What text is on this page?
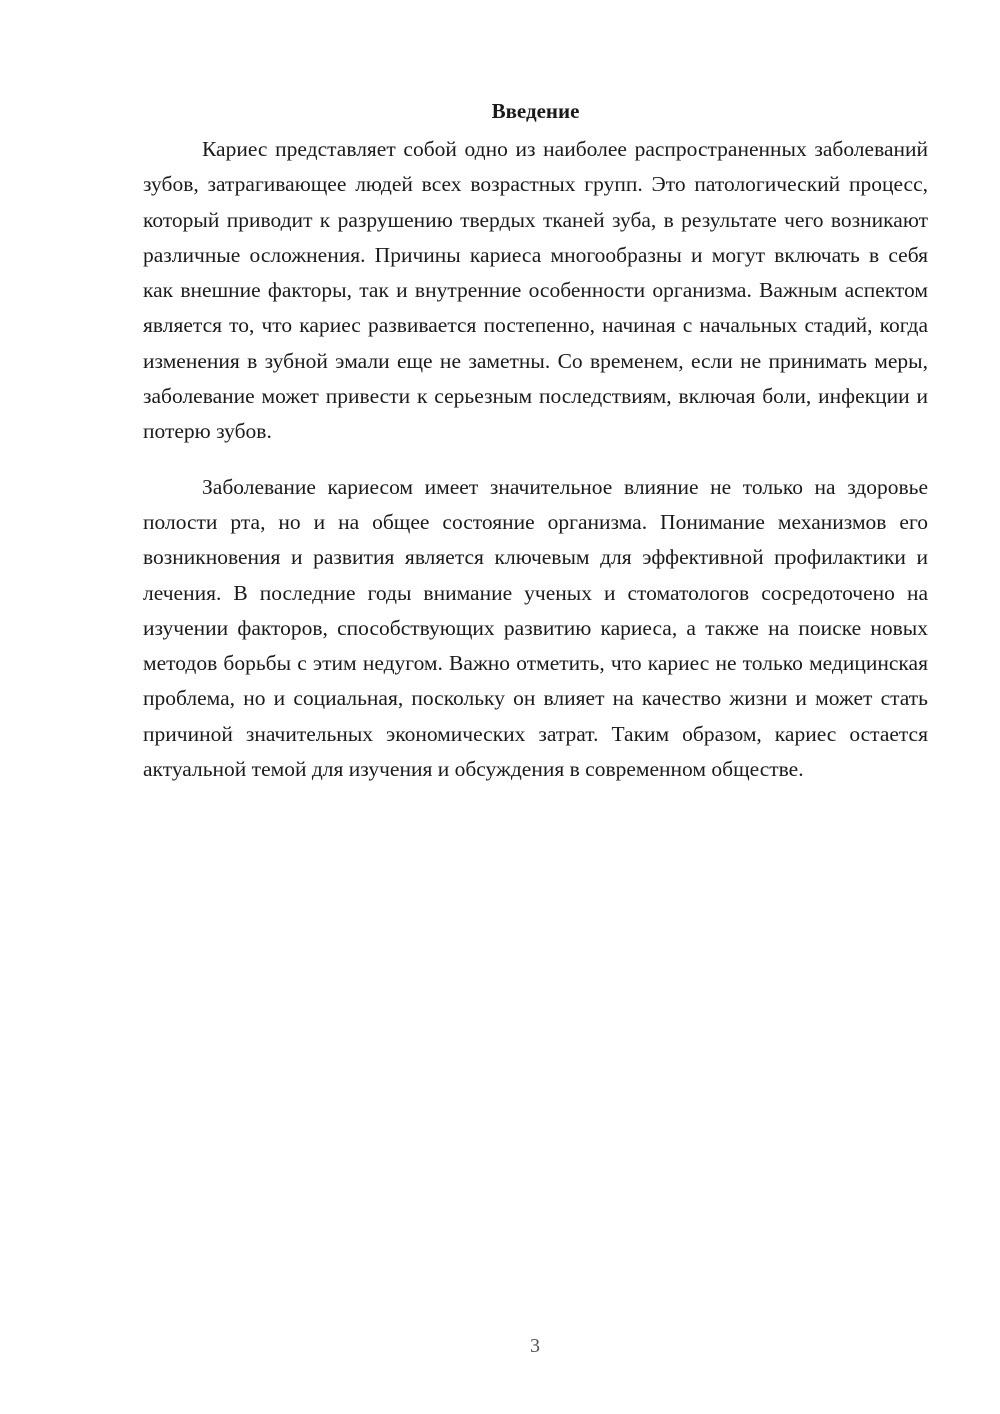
Введение

Кариес представляет собой одно из наиболее распространенных заболеваний зубов, затрагивающее людей всех возрастных групп. Это патологический процесс, который приводит к разрушению твердых тканей зуба, в результате чего возникают различные осложнения. Причины кариеса многообразны и могут включать в себя как внешние факторы, так и внутренние особенности организма. Важным аспектом является то, что кариес развивается постепенно, начиная с начальных стадий, когда изменения в зубной эмали еще не заметны. Со временем, если не принимать меры, заболевание может привести к серьезным последствиям, включая боли, инфекции и потерю зубов.

Заболевание кариесом имеет значительное влияние не только на здоровье полости рта, но и на общее состояние организма. Понимание механизмов его возникновения и развития является ключевым для эффективной профилактики и лечения. В последние годы внимание ученых и стоматологов сосредоточено на изучении факторов, способствующих развитию кариеса, а также на поиске новых методов борьбы с этим недугом. Важно отметить, что кариес не только медицинская проблема, но и социальная, поскольку он влияет на качество жизни и может стать причиной значительных экономических затрат. Таким образом, кариес остается актуальной темой для изучения и обсуждения в современном обществе.

3
